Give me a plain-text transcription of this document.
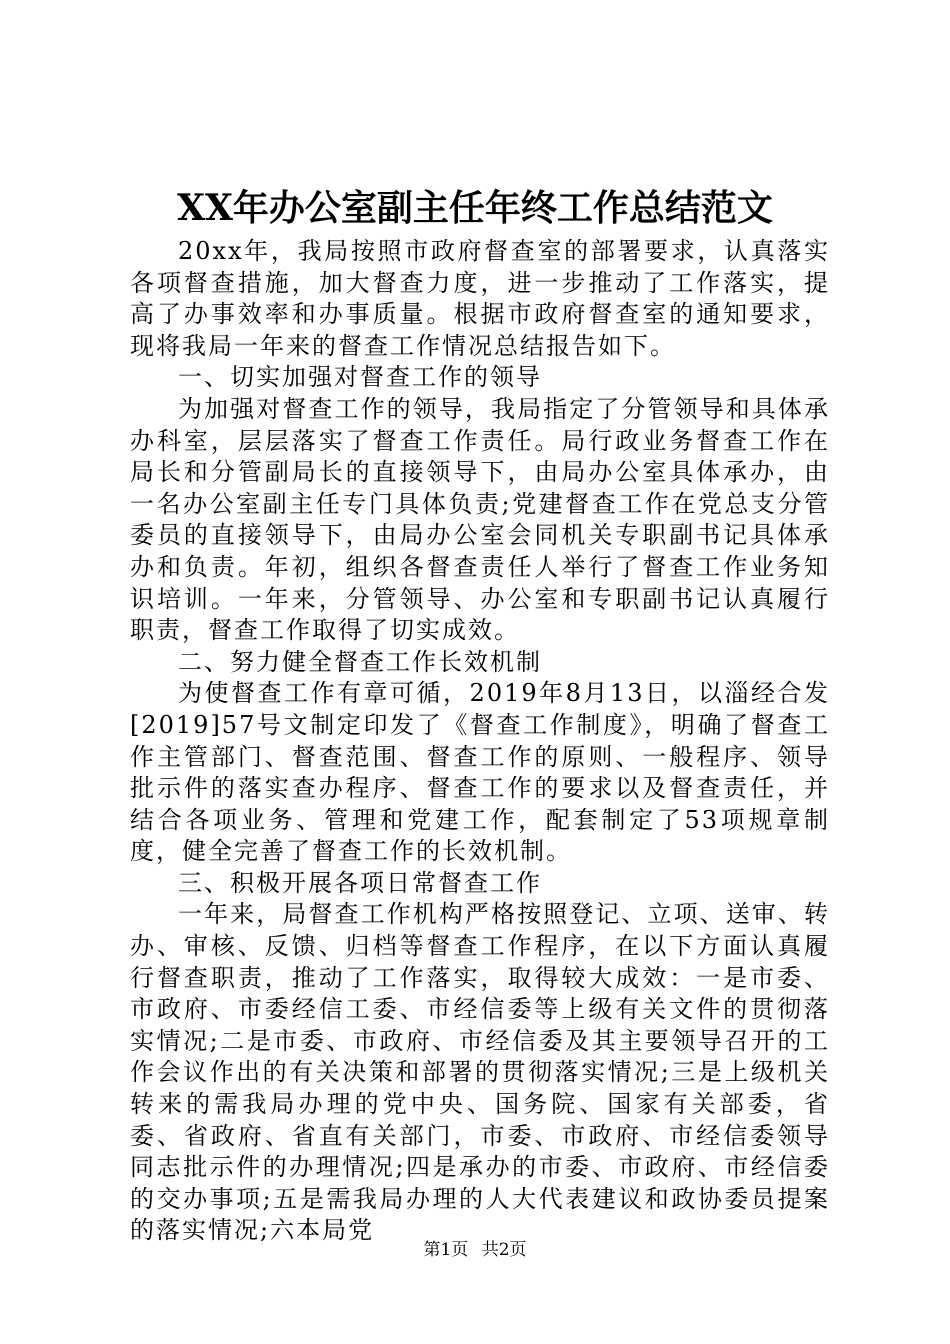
XX年办公室副主任年终工作总结范文

20xx年，我局按照市政府督查室的部署要求，认真落实各项督查措施，加大督查力度，进一步推动了工作落实，提高了办事效率和办事质量。根据市政府督查室的通知要求，现将我局一年来的督查工作情况总结报告如下。

一、切实加强对督查工作的领导

为加强对督查工作的领导，我局指定了分管领导和具体承办科室，层层落实了督查工作责任。局行政业务督查工作在局长和分管副局长的直接领导下，由局办公室具体承办，由一名办公室副主任专门具体负责;党建督查工作在党总支分管委员的直接领导下，由局办公室会同机关专职副书记具体承办和负责。年初，组织各督查责任人举行了督查工作业务知识培训。一年来，分管领导、办公室和专职副书记认真履行职责，督查工作取得了切实成效。

二、努力健全督查工作长效机制

为使督查工作有章可循，2019年8月13日，以淄经合发[2019]57号文制定印发了《督查工作制度》，明确了督查工作主管部门、督查范围、督查工作的原则、一般程序、领导批示件的落实查办程序、督查工作的要求以及督查责任，并结合各项业务、管理和党建工作，配套制定了53项规章制度，健全完善了督查工作的长效机制。

三、积极开展各项日常督查工作

一年来，局督查工作机构严格按照登记、立项、送审、转办、审核、反馈、归档等督查工作程序，在以下方面认真履行督查职责，推动了工作落实，取得较大成效：一是市委、市政府、市委经信工委、市经信委等上级有关文件的贯彻落实情况;二是市委、市政府、市经信委及其主要领导召开的工作会议作出的有关决策和部署的贯彻落实情况;三是上级机关转来的需我局办理的党中央、国务院、国家有关部委，省委、省政府、省直有关部门，市委、市政府、市经信委领导同志批示件的办理情况;四是承办的市委、市政府、市经信委的交办事项;五是需我局办理的人大代表建议和政协委员提案的落实情况;六本局党

第1页 共2页
